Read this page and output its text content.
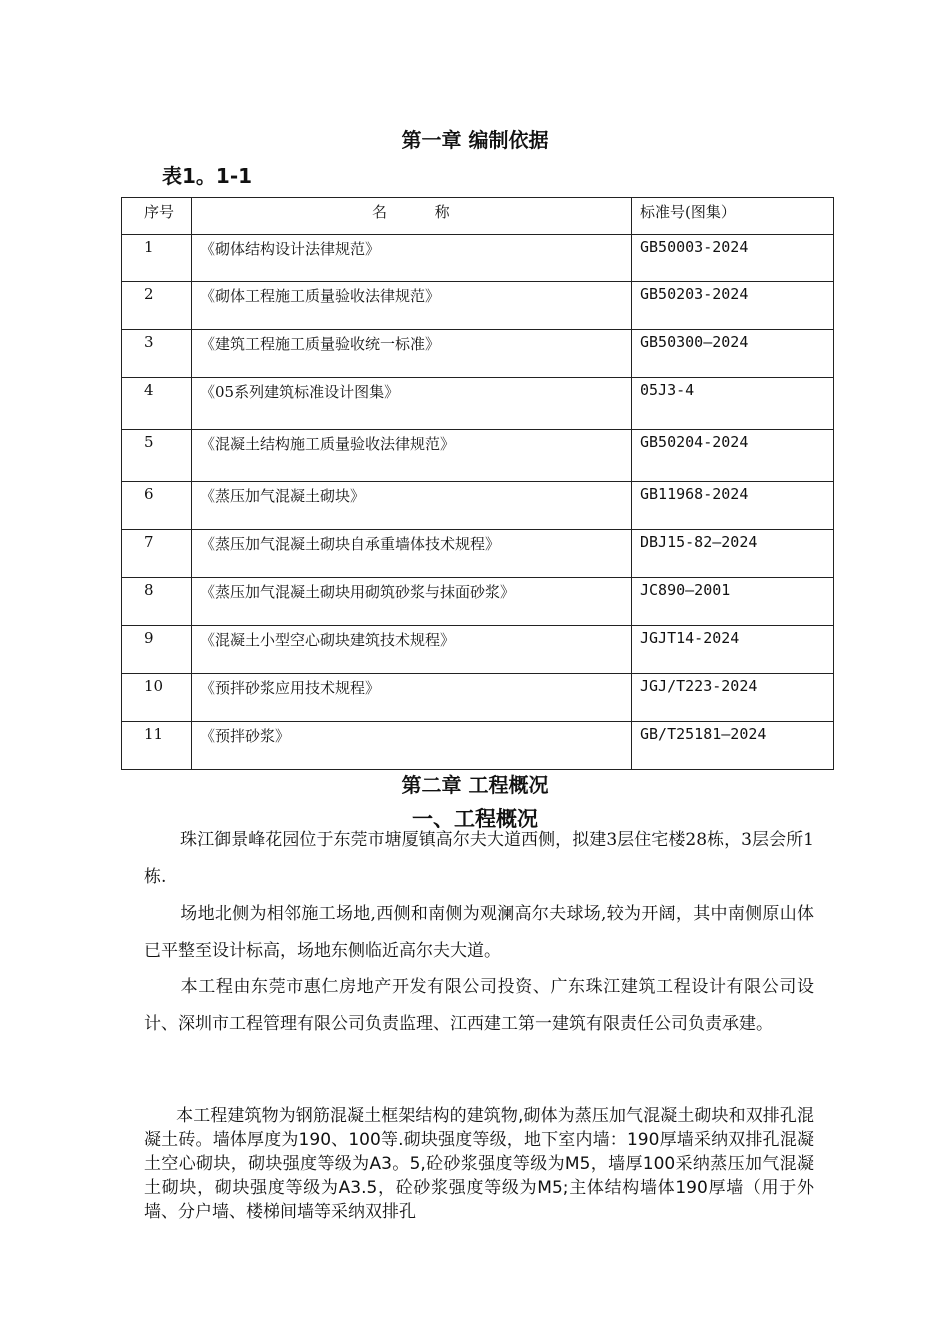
第一章 编制依据
表1。1-1
序号	名          称	标准号(图集）
1	《砌体结构设计法律规范》	GB50003-2024
2	《砌体工程施工质量验收法律规范》	GB50203-2024
3	《建筑工程施工质量验收统一标准》	GB50300—2024
4	《05系列建筑标准设计图集》	05J3-4
5	《混凝土结构施工质量验收法律规范》	GB50204-2024
6	《蒸压加气混凝土砌块》	GB11968-2024
7	《蒸压加气混凝土砌块自承重墙体技术规程》	DBJ15-82—2024
8	《蒸压加气混凝土砌块用砌筑砂浆与抹面砂浆》	JC890—2001
9	《混凝土小型空心砌块建筑技术规程》	JGJT14-2024
10	《预拌砂浆应用技术规程》	JGJ/T223-2024
11	《预拌砂浆》	GB/T25181—2024
第二章 工程概况
一、工程概况

珠江御景峰花园位于东莞市塘厦镇高尔夫大道西侧，拟建3层住宅楼28栋，3层会所1栋.

场地北侧为相邻施工场地,西侧和南侧为观澜高尔夫球场,较为开阔，其中南侧原山体已平整至设计标高，场地东侧临近高尔夫大道。

本工程由东莞市惠仁房地产开发有限公司投资、广东珠江建筑工程设计有限公司设计、深圳市工程管理有限公司负责监理、江西建工第一建筑有限责任公司负责承建。

本工程建筑物为钢筋混凝土框架结构的建筑物,砌体为蒸压加气混凝土砌块和双排孔混凝土砖。墙体厚度为190、100等.砌块强度等级，地下室内墙：190厚墙采纳双排孔混凝土空心砌块，砌块强度等级为A3。5,砼砂浆强度等级为M5，墙厚100采纳蒸压加气混凝土砌块，砌块强度等级为A3.5，砼砂浆强度等级为M5;主体结构墙体190厚墙（用于外墙、分户墙、楼梯间墙等采纳双排孔
